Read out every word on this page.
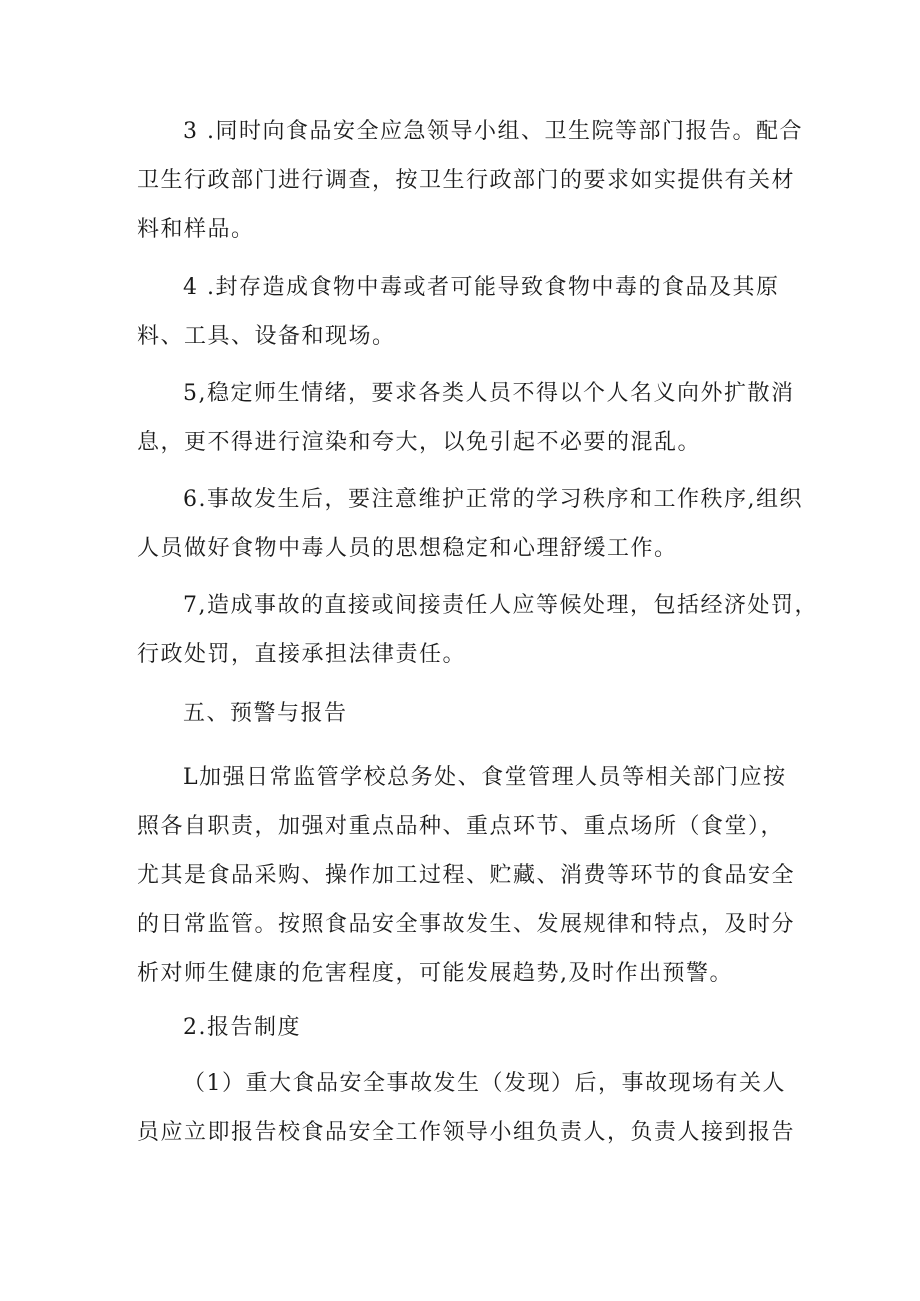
3 .同时向食品安全应急领导小组、卫生院等部门报告。配合
卫生行政部门进行调查，按卫生行政部门的要求如实提供有关材
料和样品。
4 .封存造成食物中毒或者可能导致食物中毒的食品及其原
料、工具、设备和现场。
5,稳定师生情绪，要求各类人员不得以个人名义向外扩散消
息，更不得进行渲染和夸大，以免引起不必要的混乱。
6.事故发生后，要注意维护正常的学习秩序和工作秩序,组织
人员做好食物中毒人员的思想稳定和心理舒缓工作。
7,造成事故的直接或间接责任人应等候处理，包括经济处罚，
行政处罚，直接承担法律责任。
五、预警与报告
L加强日常监管学校总务处、食堂管理人员等相关部门应按
照各自职责，加强对重点品种、重点环节、重点场所（食堂），
尤其是食品采购、操作加工过程、贮藏、消费等环节的食品安全
的日常监管。按照食品安全事故发生、发展规律和特点，及时分
析对师生健康的危害程度，可能发展趋势,及时作出预警。
2.报告制度
（1）重大食品安全事故发生（发现）后，事故现场有关人
员应立即报告校食品安全工作领导小组负责人，负责人接到报告
